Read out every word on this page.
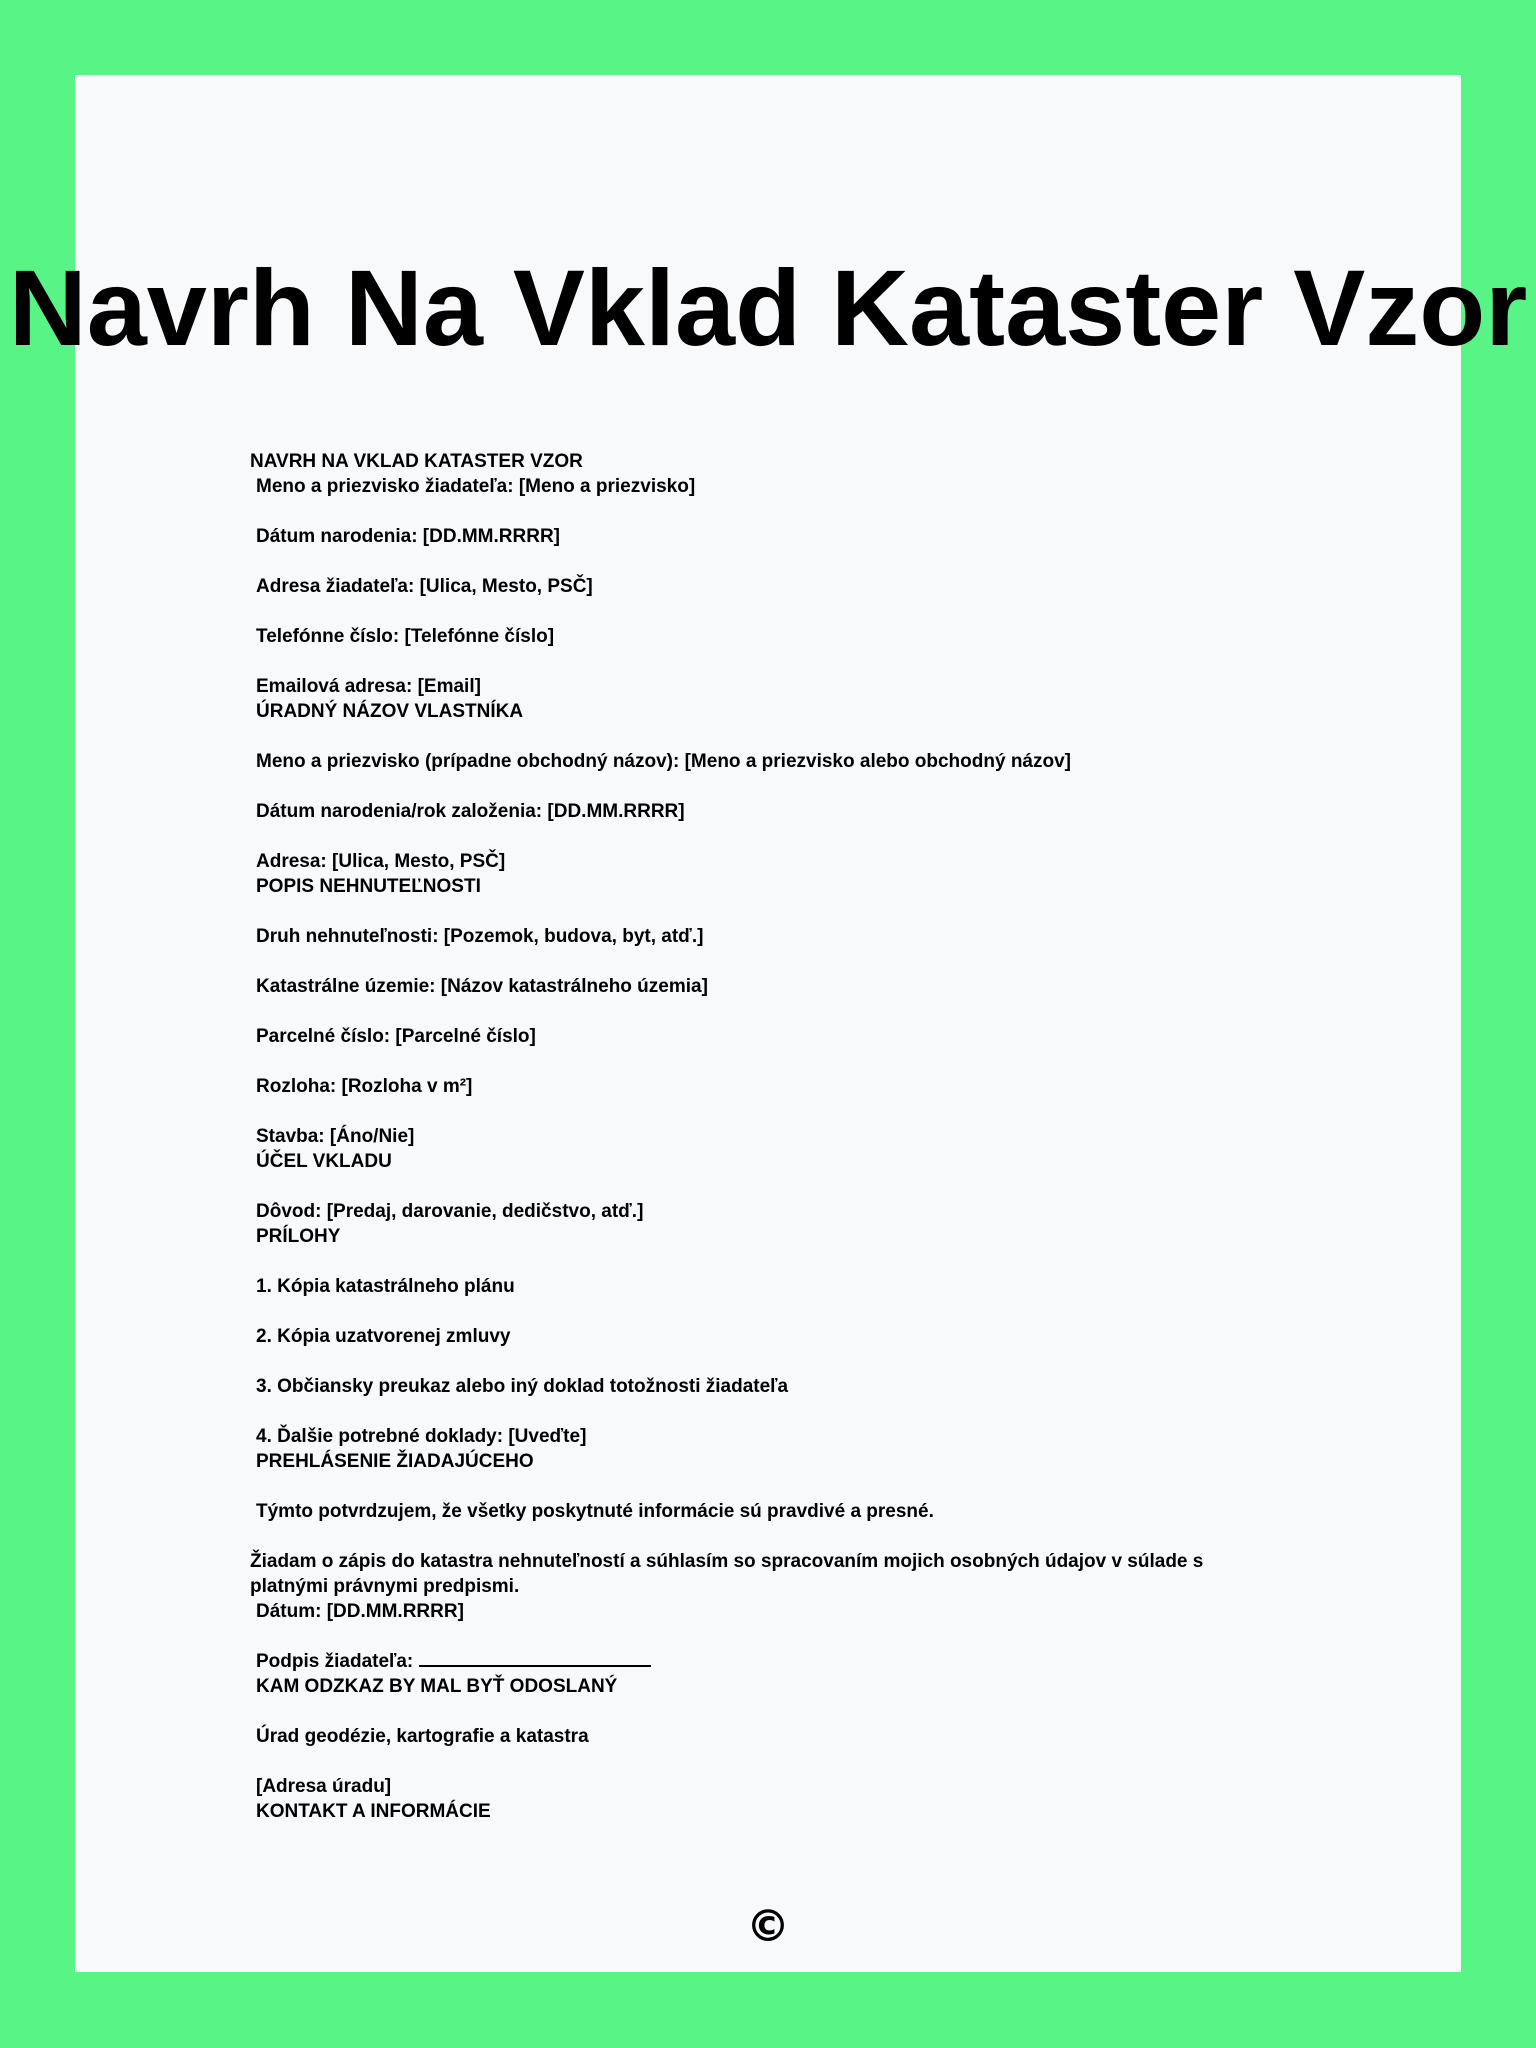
Navrh Na Vklad Kataster Vzor

NAVRH NA VKLAD KATASTER VZOR

Meno a priezvisko žiadateľa: [Meno a priezvisko]

Dátum narodenia: [DD.MM.RRRR]

Adresa žiadateľa: [Ulica, Mesto, PSČ]

Telefónne číslo: [Telefónne číslo]

Emailová adresa: [Email]

ÚRADNÝ NÁZOV VLASTNÍKA

Meno a priezvisko (prípadne obchodný názov): [Meno a priezvisko alebo obchodný názov]

Dátum narodenia/rok založenia: [DD.MM.RRRR]

Adresa: [Ulica, Mesto, PSČ]

POPIS NEHNUTEĽNOSTI

Druh nehnuteľnosti: [Pozemok, budova, byt, atď.]

Katastrálne územie: [Názov katastrálneho územia]

Parcelné číslo: [Parcelné číslo]

Rozloha: [Rozloha v m²]

Stavba: [Áno/Nie]

ÚČEL VKLADU

Dôvod: [Predaj, darovanie, dedičstvo, atď.]

PRÍLOHY

1. Kópia katastrálneho plánu

2. Kópia uzatvorenej zmluvy

3. Občiansky preukaz alebo iný doklad totožnosti žiadateľa

4. Ďalšie potrebné doklady: [Uveďte]

PREHLÁSENIE ŽIADAJÚCEHO

Týmto potvrdzujem, že všetky poskytnuté informácie sú pravdivé a presné.

Žiadam o zápis do katastra nehnuteľností a súhlasím so spracovaním mojich osobných údajov v súlade s

platnými právnymi predpismi.

Dátum: [DD.MM.RRRR]

Podpis žiadateľa:

KAM ODZKAZ BY MAL BYŤ ODOSLANÝ

Úrad geodézie, kartografie a katastra

[Adresa úradu]

KONTAKT A INFORMÁCIE

©
